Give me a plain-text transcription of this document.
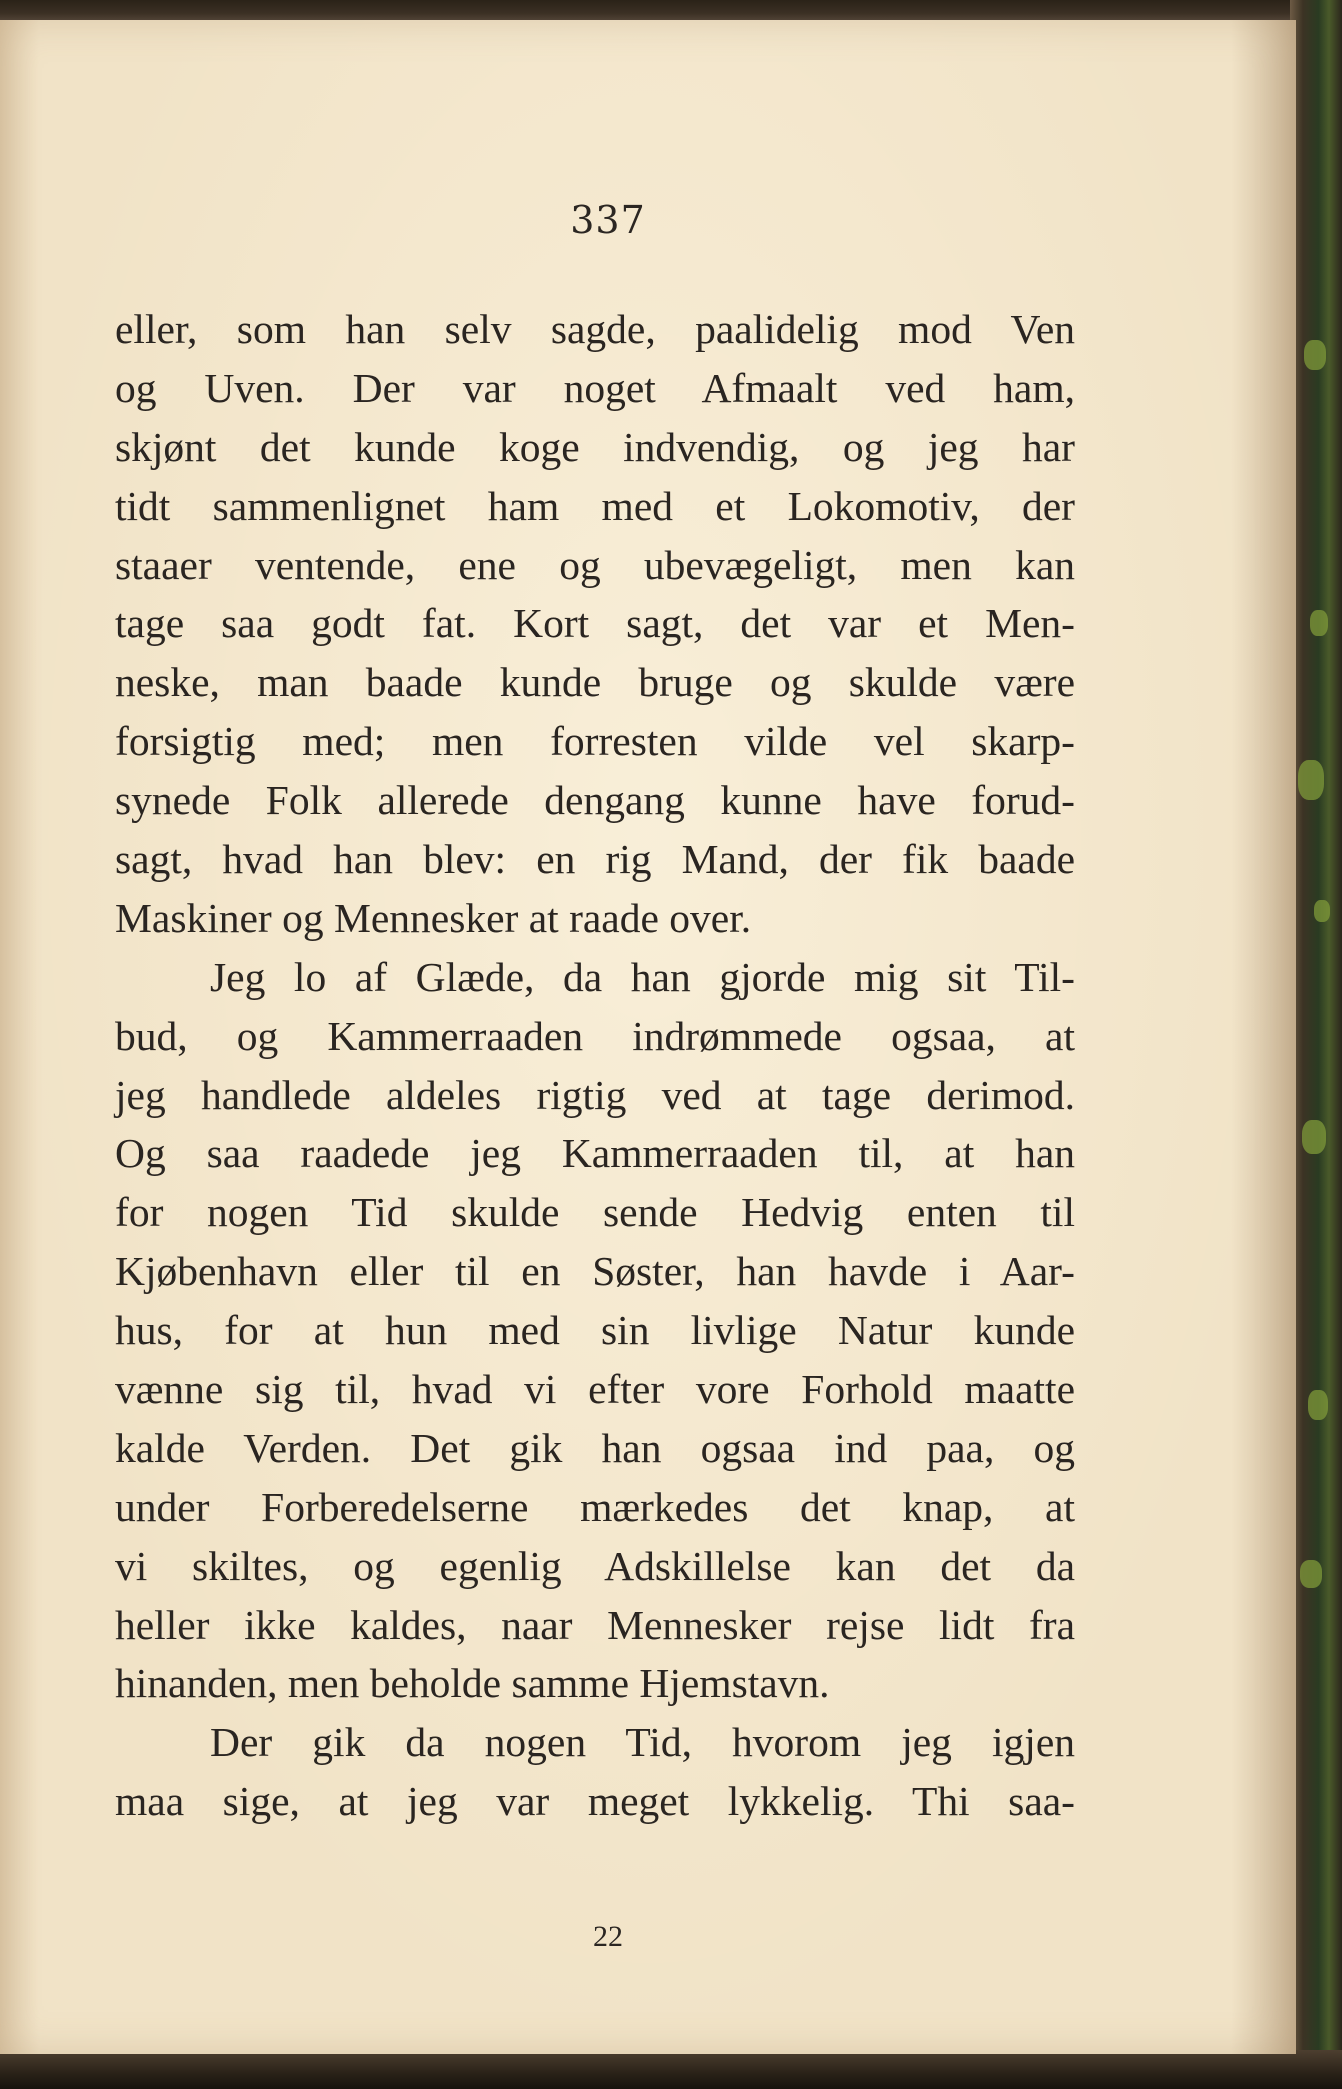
337
eller, som han selv sagde, paalidelig mod Ven
og Uven. Der var noget Afmaalt ved ham,
skjønt det kunde koge indvendig, og jeg har
tidt sammenlignet ham med et Lokomotiv, der
staaer ventende, ene og ubevægeligt, men kan
tage saa godt fat. Kort sagt, det var et Men-
neske, man baade kunde bruge og skulde være
forsigtig med; men forresten vilde vel skarp-
synede Folk allerede dengang kunne have forud-
sagt, hvad han blev: en rig Mand, der fik baade
Maskiner og Mennesker at raade over.
Jeg lo af Glæde, da han gjorde mig sit Til-
bud, og Kammerraaden indrømmede ogsaa, at
jeg handlede aldeles rigtig ved at tage derimod.
Og saa raadede jeg Kammerraaden til, at han
for nogen Tid skulde sende Hedvig enten til
Kjøbenhavn eller til en Søster, han havde i Aar-
hus, for at hun med sin livlige Natur kunde
vænne sig til, hvad vi efter vore Forhold maatte
kalde Verden. Det gik han ogsaa ind paa, og
under Forberedelserne mærkedes det knap, at
vi skiltes, og egenlig Adskillelse kan det da
heller ikke kaldes, naar Mennesker rejse lidt fra
hinanden, men beholde samme Hjemstavn.
Der gik da nogen Tid, hvorom jeg igjen
maa sige, at jeg var meget lykkelig. Thi saa-
22
